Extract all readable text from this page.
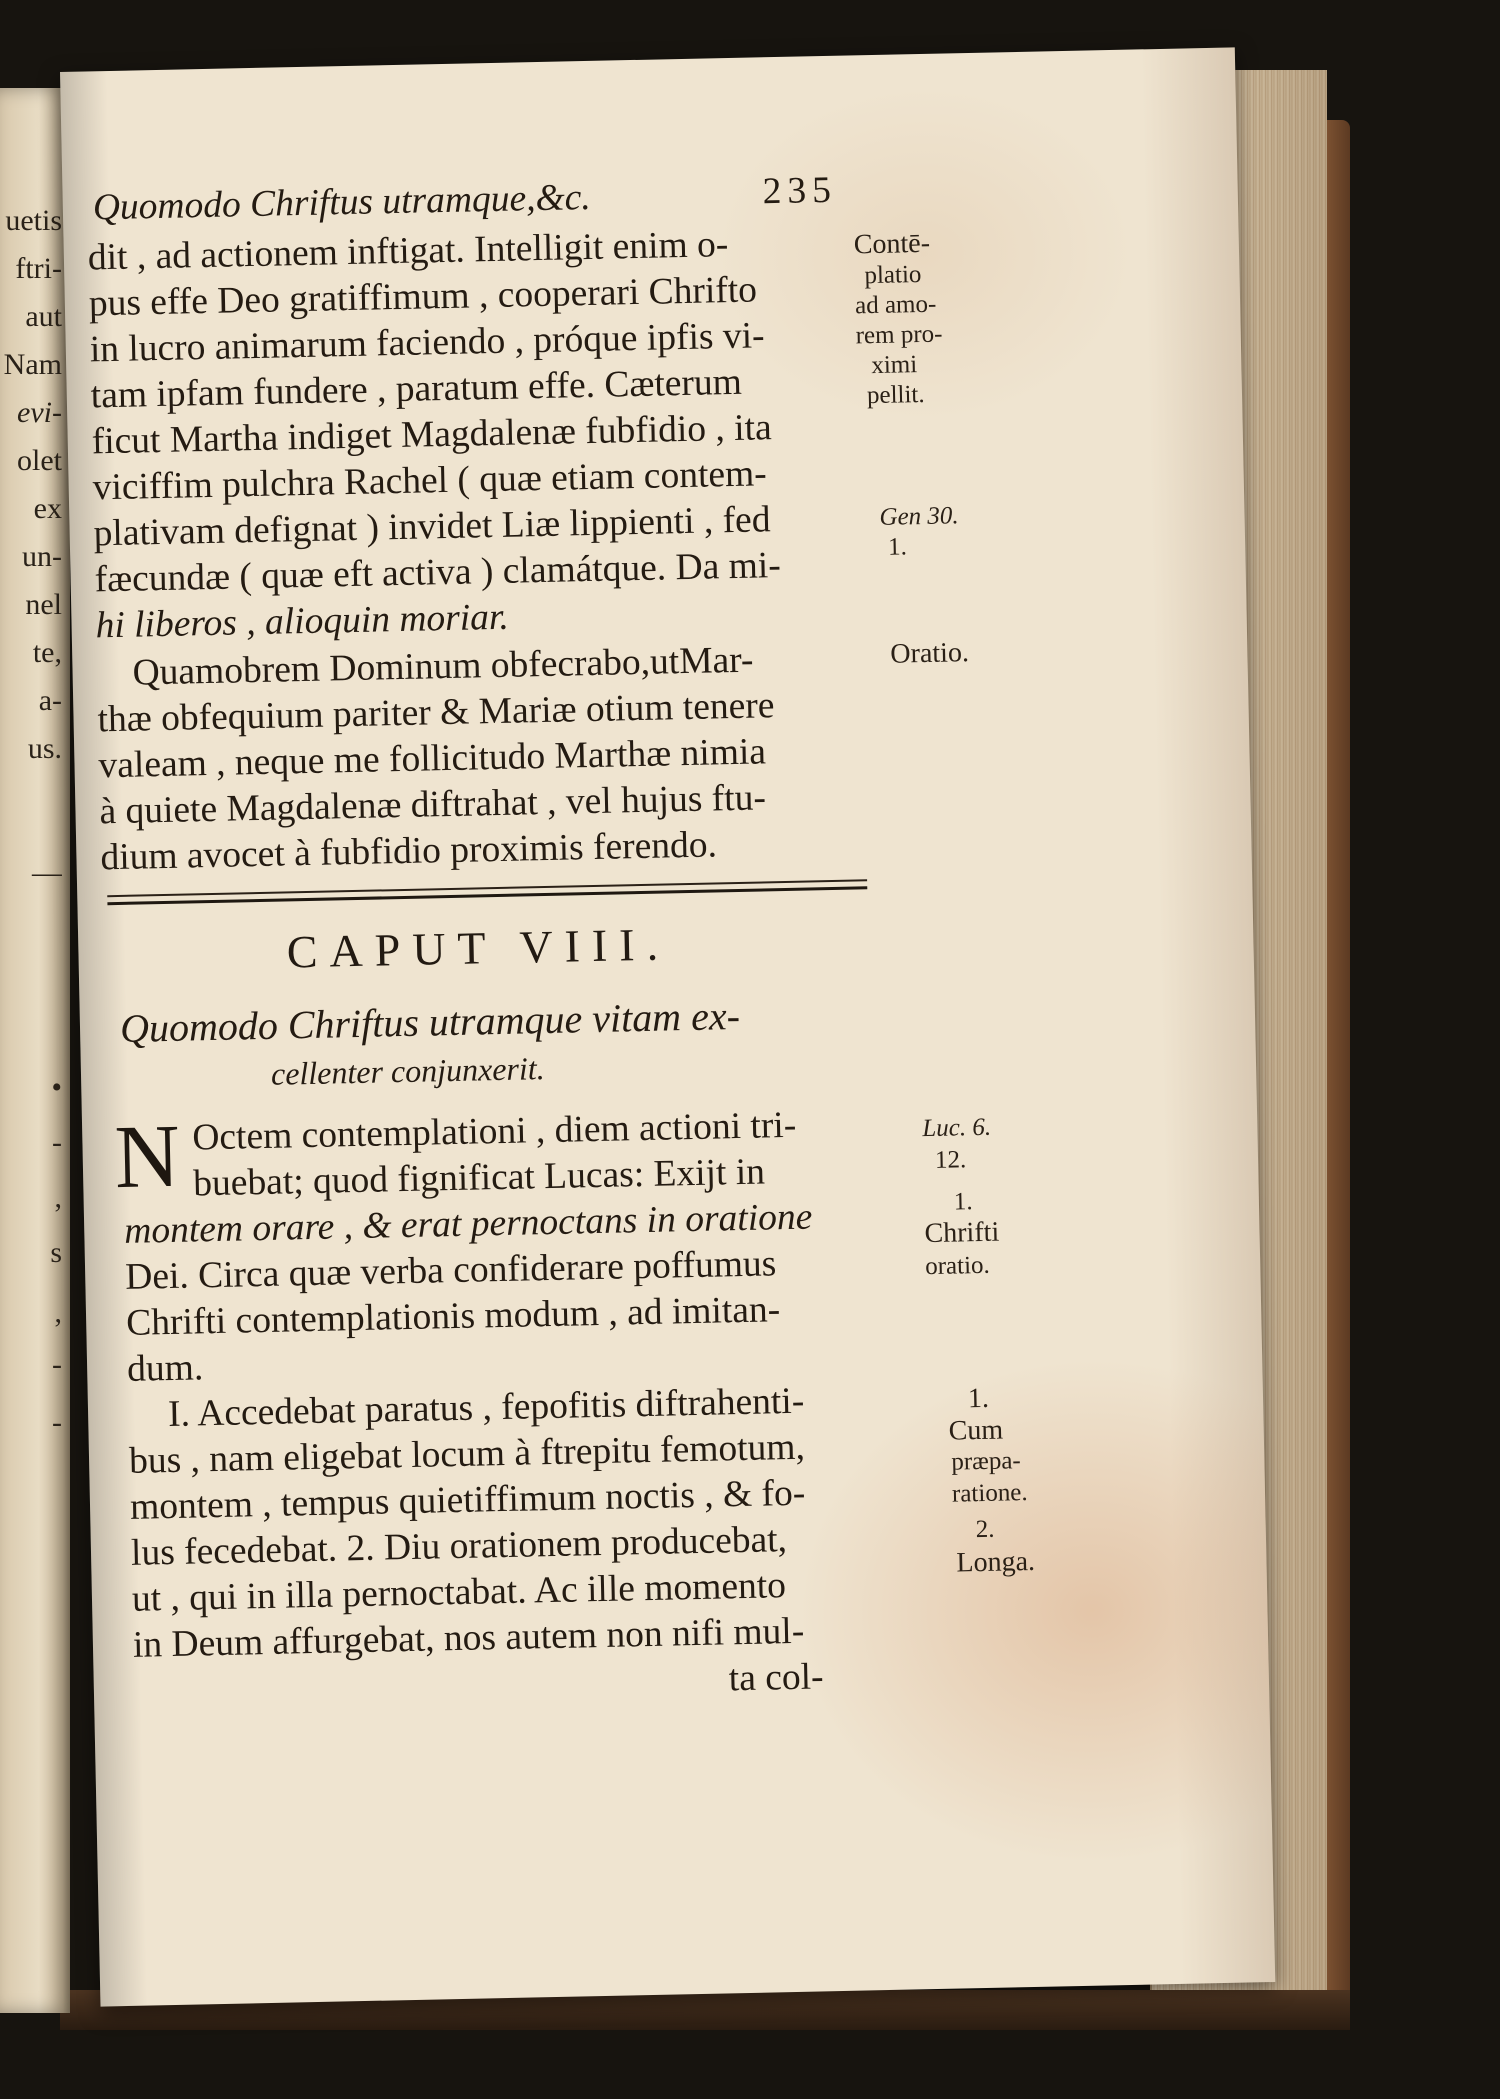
uetis
ftri-
aut
Nam
evi-
olet
ex
un-
nel
te,
a-
us.
—
•
-
,
s
,
-
-
Quomodo Chriftus utramque,&c.	235
dit , ad actionem inftigat. Intelligit enim o-
pus effe Deo gratiffimum , cooperari Chrifto
in lucro animarum faciendo , próque ipfis vi-
tam ipfam fundere , paratum effe. Cæterum
ficut Martha indiget Magdalenæ fubfidio , ita
viciffim pulchra Rachel ( quæ etiam contem-
plativam defignat ) invidet Liæ lippienti , fed
fæcundæ ( quæ eft activa ) clamátque. Da mi-
hi liberos , alioquin moriar.
Quamobrem Dominum obfecrabo,utMar-
thæ obfequium pariter & Mariæ otium tenere
valeam , neque me follicitudo Marthæ nimia
à quiete Magdalenæ diftrahat , vel hujus ftu-
dium avocet à fubfidio proximis ferendo.
Contē-
platio
ad amo-
rem pro-
ximi
pellit.
Gen 30.
1.
Oratio.
CAPUT VIII.
Quomodo Chriftus utramque vitam ex-
cellenter conjunxerit.
N Octem contemplationi , diem actioni tri-
buebat; quod fignificat Lucas: Exijt in
montem orare , & erat pernoctans in oratione
Dei. Circa quæ verba confiderare poffumus
Chrifti contemplationis modum , ad imitan-
dum.
I. Accedebat paratus , fepofitis diftrahenti-
bus , nam eligebat locum à ftrepitu femotum,
montem , tempus quietiffimum noctis , & fo-
lus fecedebat. 2. Diu orationem producebat,
ut , qui in illa pernoctabat. Ac ille momento
in Deum affurgebat, nos autem non nifi mul-
ta col-
Luc. 6.
12.
1.
Chrifti
oratio.
1.
Cum
præpa-
ratione.
2.
Longa.
